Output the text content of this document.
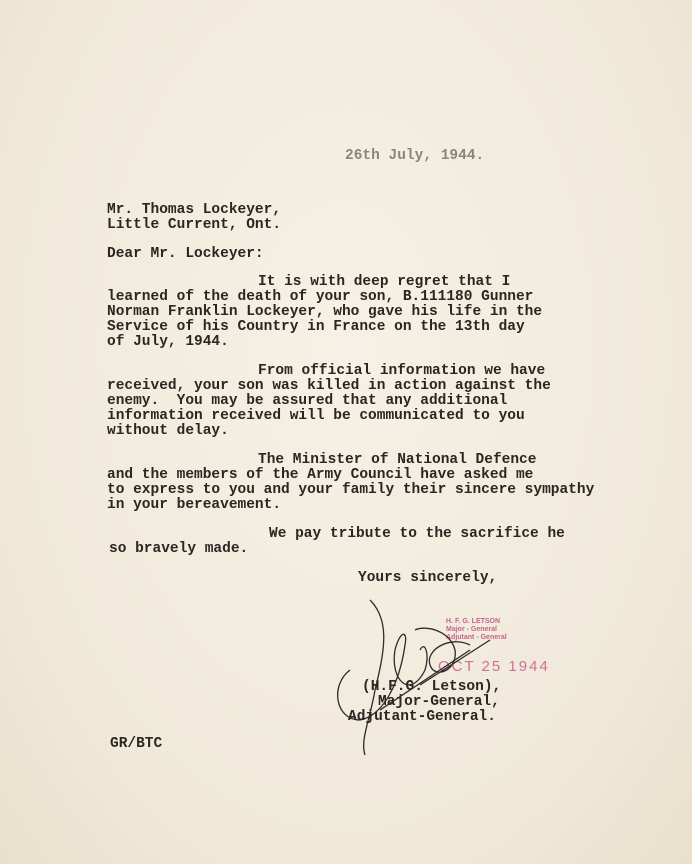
26th July, 1944.
Mr. Thomas Lockeyer,
Little Current, Ont.
Dear Mr. Lockeyer:
It is with deep regret that I
learned of the death of your son, B.111180 Gunner
Norman Franklin Lockeyer, who gave his life in the
Service of his Country in France on the 13th day
of July, 1944.
From official information we have
received, your son was killed in action against the
enemy.  You may be assured that any additional
information received will be communicated to you
without delay.
The Minister of National Defence
and the members of the Army Council have asked me
to express to you and your family their sincere sympathy
in your bereavement.
We pay tribute to the sacrifice he
so bravely made.
Yours sincerely,
H. F. G. LETSON
Major - General
Adjutant - General
OCT 25 1944
(H.F.G. Letson),
Major-General,
Adjutant-General.
GR/BTC
